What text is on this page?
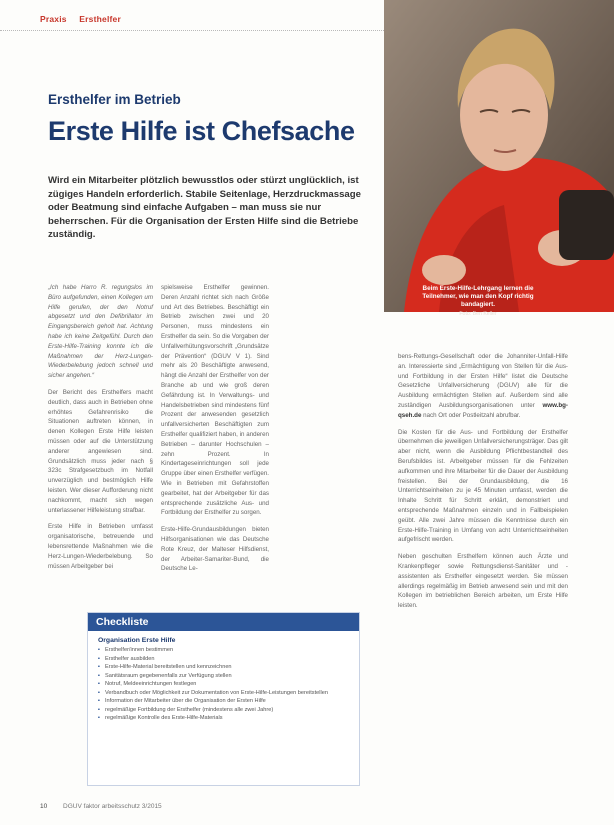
Praxis Ersthelfer
Beim Erste-Hilfe-Lehrgang lernen die Teilnehmer, wie man den Kopf richtig bandagiert.
Foto: Ben Keller
Ersthelfer im Betrieb
Erste Hilfe ist Chefsache
Wird ein Mitarbeiter plötzlich bewusstlos oder stürzt unglücklich, ist zügiges Handeln erforderlich. Stabile Seitenlage, Herzdruckmassage oder Beatmung sind einfache Aufgaben – man muss sie nur beherrschen. Für die Organisation der Ersten Hilfe sind die Betriebe zuständig.

„Ich habe Harro R. regungslos im Büro aufgefunden, einen Kollegen um Hilfe gerufen, der den Notruf abgesetzt und den Defibrillator im Eingangsbereich geholt hat. Achtung habe ich keine Zeitgefühl. Durch den Erste-Hilfe-Training konnte ich die Maßnahmen der Herz-Lungen-Wiederbelebung jedoch schnell und sicher angehen.“

Der Bericht des Ersthelfers macht deutlich, dass auch in Betrieben ohne erhöhtes Gefahrenrisiko die Situationen auftreten können, in denen Kollegen Erste Hilfe leisten müssen oder auf die Unterstützung anderer angewiesen sind. Grundsätzlich muss jeder nach § 323c Strafgesetzbuch im Notfall unverzüglich und bestmöglich Hilfe leisten. Wer dieser Aufforderung nicht nachkommt, macht sich wegen unterlassener Hilfeleistung strafbar.

Erste Hilfe in Betrieben umfasst organisatorische, betreuende und lebensrettende Maßnahmen wie die Herz-Lungen-Wiederbelebung. So müssen Arbeitgeber bei

spielsweise Ersthelfer gewinnen. Deren Anzahl richtet sich nach Größe und Art des Betriebes. Beschäftigt ein Betrieb zwischen zwei und 20 Personen, muss mindestens ein Ersthelfer da sein. So die Vorgaben der Unfallverhütungsvorschrift „Grundsätze der Prävention“ (DGUV V 1). Sind mehr als 20 Beschäftigte anwesend, hängt die Anzahl der Ersthelfer von der Branche ab und wie groß deren Gefährdung ist. In Verwaltungs- und Handelsbetrieben sind mindestens fünf Prozent der anwesenden gesetzlich unfallversicherten Beschäftigten zum Ersthelfer qualifiziert haben, in anderen Betrieben – darunter Hochschulen – zehn Prozent. In Kindertageseinrichtungen soll jede Gruppe über einen Ersthelfer verfügen. Wie in Betrieben mit Gefahrstoffen gearbeitet, hat der Arbeitgeber für das entsprechende zusätzliche Aus- und Fortbildung der Ersthelfer zu sorgen.

Erste-Hilfe-Grundausbildungen bieten Hilfsorganisationen wie das Deutsche Rote Kreuz, der Malteser Hilfsdienst, der Arbeiter-Samariter-Bund, die Deutsche Le-

bens-Rettungs-Gesellschaft oder die Johanniter-Unfall-Hilfe an. Interessierte sind „Ermächtigung von Stellen für die Aus- und Fortbildung in der Ersten Hilfe“ listet die Deutsche Gesetzliche Unfallversicherung (DGUV) alle für die Ausbildung ermächtigten Stellen auf. Außerdem sind alle zuständigen Ausbildungsorganisationen unter www.bg-qseh.de nach Ort oder Postleitzahl abrufbar.

Die Kosten für die Aus- und Fortbildung der Ersthelfer übernehmen die jeweiligen Unfallversicherungsträger. Das gilt aber nicht, wenn die Ausbildung Pflichtbestandteil des Berufsbildes ist. Arbeitgeber müssen für die Fehlzeiten aufkommen und ihre Mitarbeiter für die Dauer der Ausbildung freistellen. Bei der Grundausbildung, die 16 Unterrichtseinheiten zu je 45 Minuten umfasst, werden die Inhalte Schritt für Schritt erklärt, demonstriert und entsprechende Maßnahmen einzeln und in Fallbeispielen geübt. Alle zwei Jahre müssen die Kenntnisse durch ein Erste-Hilfe-Training in Umfang von acht Unterrichtseinheiten aufgefrischt werden.

Neben geschulten Ersthelfern können auch Ärzte und Krankenpfleger sowie Rettungsdienst-Sanitäter und -assistenten als Ersthelfer eingesetzt werden. Sie müssen allerdings regelmäßig im Betrieb anwesend sein und mit den Kollegen im betrieblichen Bereich arbeiten, um Erste Hilfe leisten.

Checkliste
Organisation Erste Hilfe
▪ Ersthelfer/innen bestimmen
▪ Ersthelfer ausbilden
▪ Erste-Hilfe-Material bereitstellen und kennzeichnen
▪ Sanitätsraum gegebenenfalls zur Verfügung stellen
▪ Notruf, Meldeeinrichtungen festlegen
▪ Verbandbuch oder Möglichkeit zur Dokumentation von Erste-Hilfe-Leistungen bereitstellen
▪ Information der Mitarbeiter über die Organisation der Ersten Hilfe
▪ regelmäßige Fortbildung der Ersthelfer (mindestens alle zwei Jahre)
▪ regelmäßige Kontrolle des Erste-Hilfe-Materials
10 DGUV faktor arbeitsschutz 3/2015
